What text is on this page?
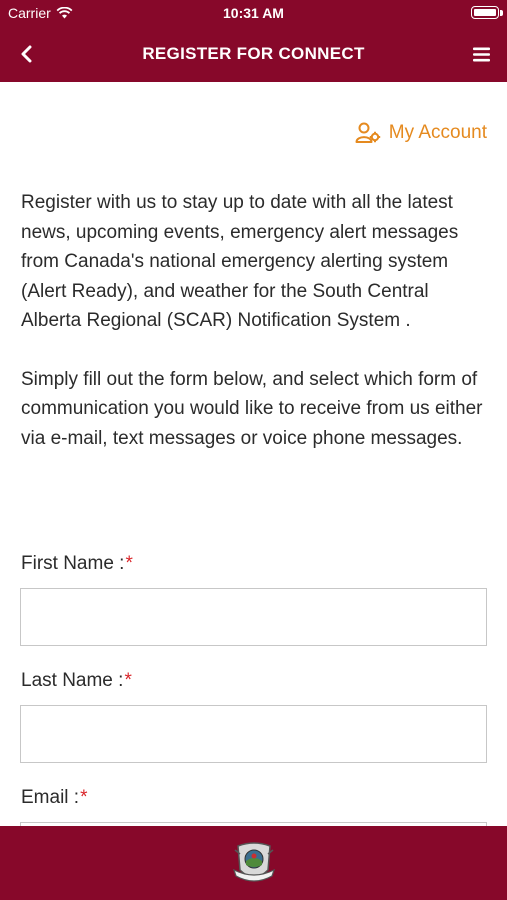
Carrier	10:31 AM
REGISTER FOR CONNECT
My Account

Register with us to stay up to date with all the latest news, upcoming events, emergency alert messages from Canada's national emergency alerting system (Alert Ready), and weather for the South Central Alberta Regional (SCAR) Notification System .

Simply fill out the form below, and select which form of communication you would like to receive from us either via e-mail, text messages or voice phone messages.

First Name :*
Last Name :*
Email :*
